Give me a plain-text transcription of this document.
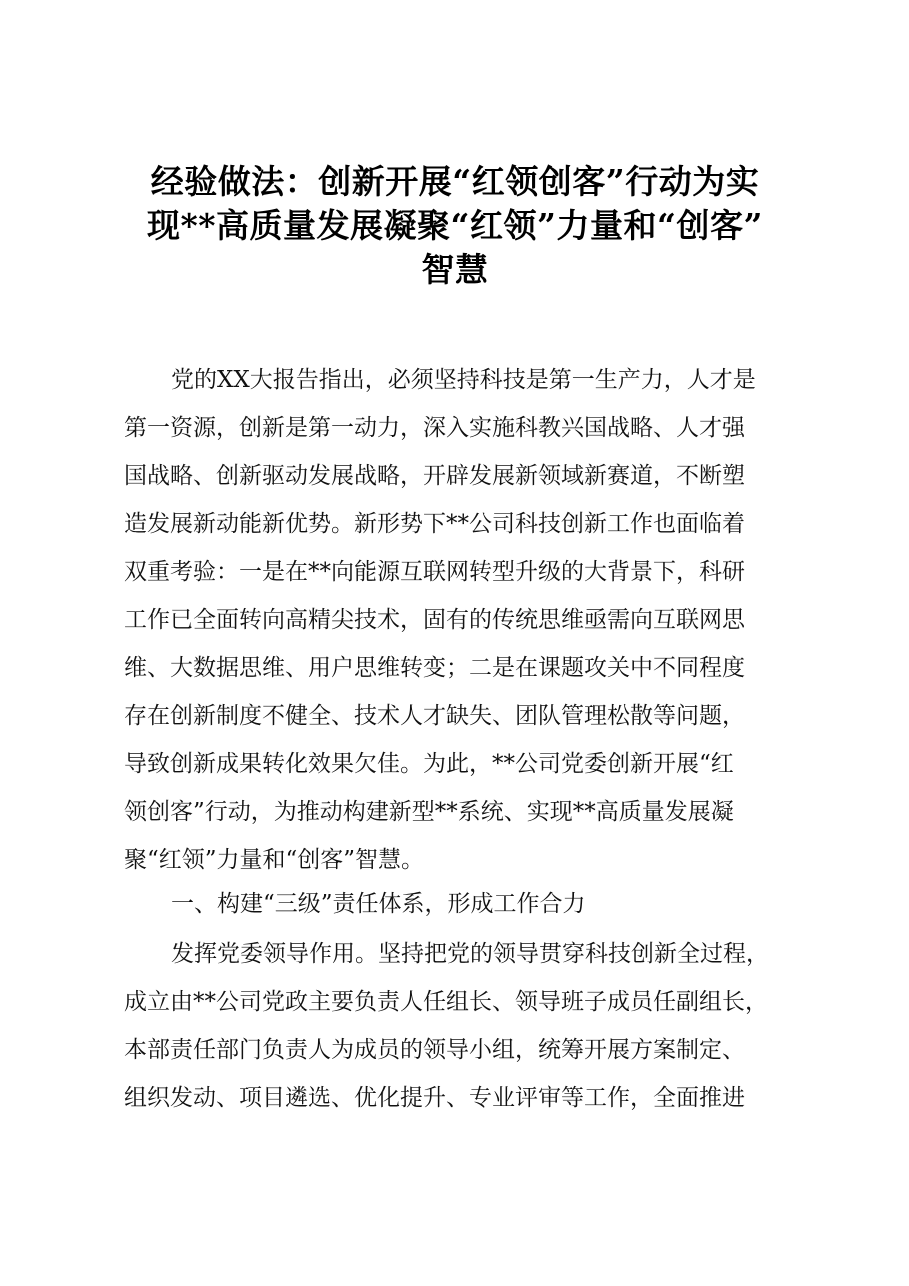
经验做法：创新开展“红领创客”行动为实
现**高质量发展凝聚“红领”力量和“创客”
智慧
党的XX大报告指出，必须坚持科技是第一生产力，人才是
第一资源，创新是第一动力，深入实施科教兴国战略、人才强
国战略、创新驱动发展战略，开辟发展新领域新赛道，不断塑
造发展新动能新优势。新形势下**公司科技创新工作也面临着
双重考验：一是在**向能源互联网转型升级的大背景下，科研
工作已全面转向高精尖技术，固有的传统思维亟需向互联网思
维、大数据思维、用户思维转变；二是在课题攻关中不同程度
存在创新制度不健全、技术人才缺失、团队管理松散等问题，
导致创新成果转化效果欠佳。为此，**公司党委创新开展“红
领创客”行动，为推动构建新型**系统、实现**高质量发展凝
聚“红领”力量和“创客”智慧。
一、构建“三级”责任体系，形成工作合力
发挥党委领导作用。坚持把党的领导贯穿科技创新全过程，
成立由**公司党政主要负责人任组长、领导班子成员任副组长，
本部责任部门负责人为成员的领导小组，统筹开展方案制定、
组织发动、项目遴选、优化提升、专业评审等工作，全面推进
